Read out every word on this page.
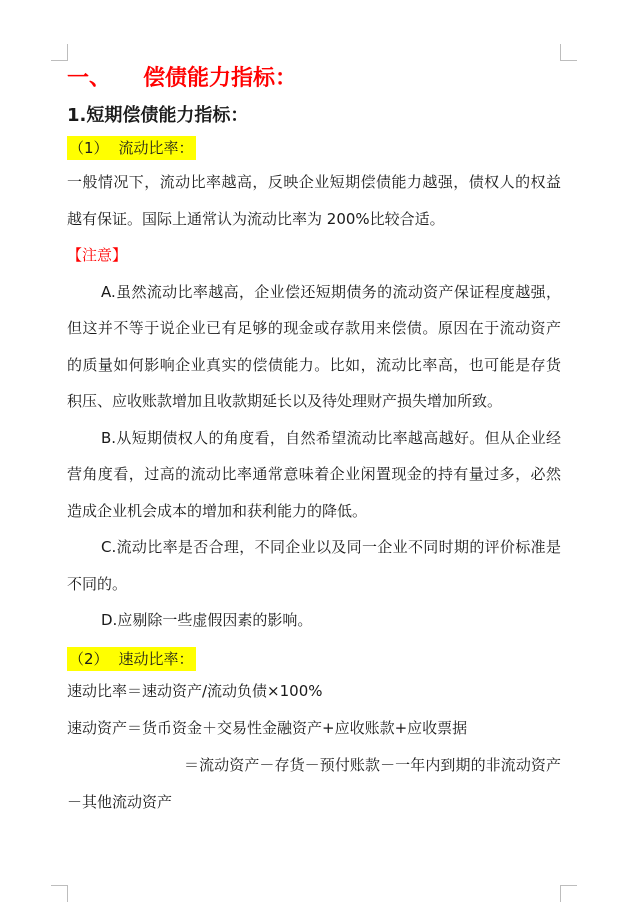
一、 偿债能力指标：
1.短期偿债能力指标：
（1） 流动比率：

一般情况下，流动比率越高，反映企业短期偿债能力越强，债权人的权益越有保证。国际上通常认为流动比率为 200%比较合适。

【注意】

A.虽然流动比率越高，企业偿还短期债务的流动资产保证程度越强，但这并不等于说企业已有足够的现金或存款用来偿债。原因在于流动资产的质量如何影响企业真实的偿债能力。比如，流动比率高，也可能是存货积压、应收账款增加且收款期延长以及待处理财产损失增加所致。

B.从短期债权人的角度看，自然希望流动比率越高越好。但从企业经营角度看，过高的流动比率通常意味着企业闲置现金的持有量过多，必然造成企业机会成本的增加和获利能力的降低。

C.流动比率是否合理，不同企业以及同一企业不同时期的评价标准是不同的。

D.应剔除一些虚假因素的影响。

（2） 速动比率：

速动比率＝速动资产/流动负债×100%

速动资产＝货币资金＋交易性金融资产+应收账款+应收票据

＝流动资产－存货－预付账款－一年内到期的非流动资产－其他流动资产
